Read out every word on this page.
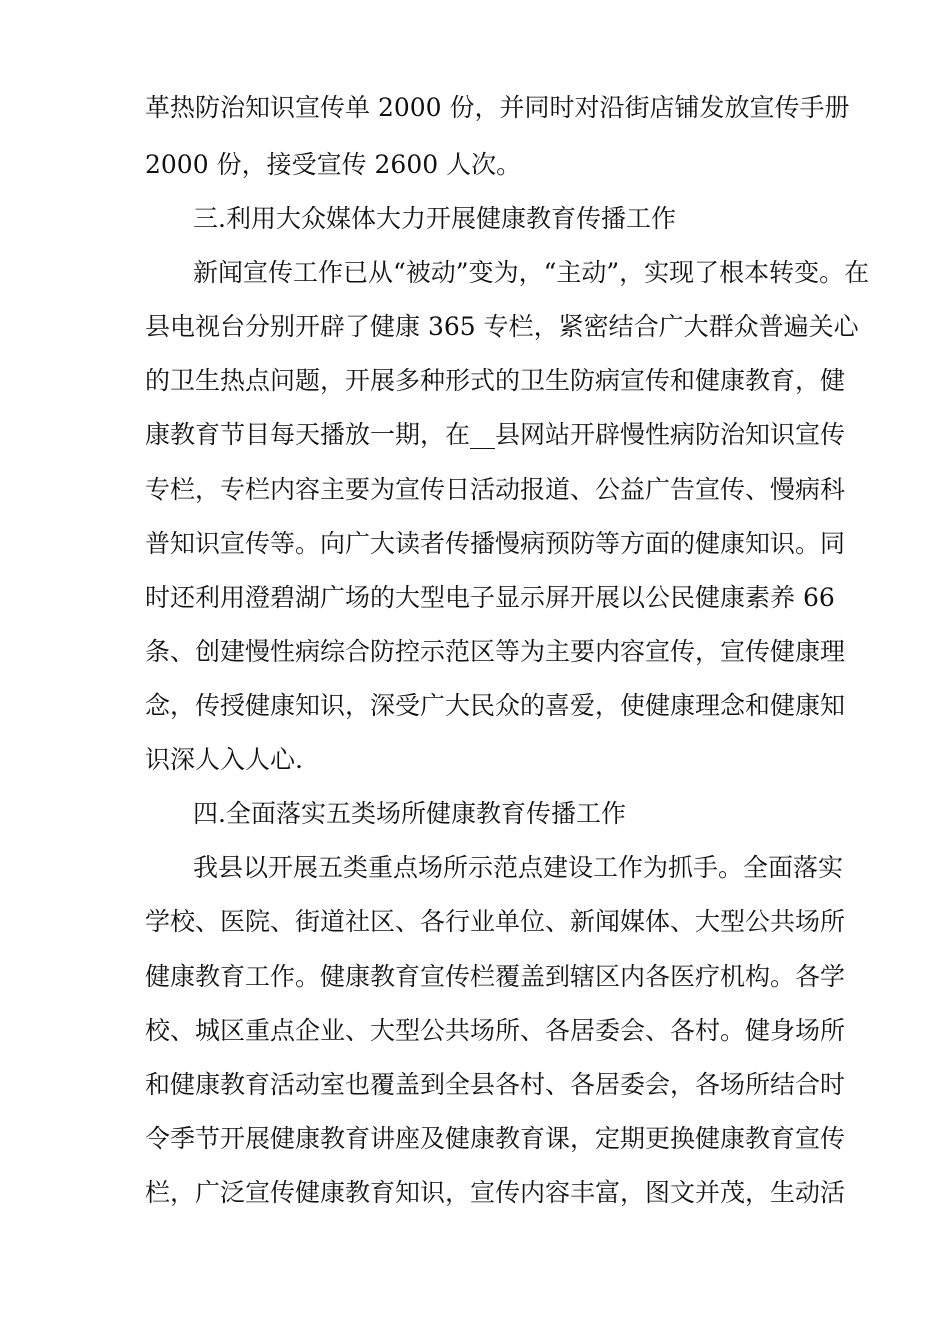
革热防治知识宣传单 2000 份，并同时对沿街店铺发放宣传手册
2000 份，接受宣传 2600 人次。
三.利用大众媒体大力开展健康教育传播工作
新闻宣传工作已从“被动”变为，“主动”，实现了根本转变。在
县电视台分别开辟了健康 365 专栏，紧密结合广大群众普遍关心
的卫生热点问题，开展多种形式的卫生防病宣传和健康教育，健
康教育节目每天播放一期，在__县网站开辟慢性病防治知识宣传
专栏，专栏内容主要为宣传日活动报道、公益广告宣传、慢病科
普知识宣传等。向广大读者传播慢病预防等方面的健康知识。同
时还利用澄碧湖广场的大型电子显示屏开展以公民健康素养 66
条、创建慢性病综合防控示范区等为主要内容宣传，宣传健康理
念，传授健康知识，深受广大民众的喜爱，使健康理念和健康知
识深人入人心.
四.全面落实五类场所健康教育传播工作
我县以开展五类重点场所示范点建设工作为抓手。全面落实
学校、医院、街道社区、各行业单位、新闻媒体、大型公共场所
健康教育工作。健康教育宣传栏覆盖到辖区内各医疗机构。各学
校、城区重点企业、大型公共场所、各居委会、各村。健身场所
和健康教育活动室也覆盖到全县各村、各居委会，各场所结合时
令季节开展健康教育讲座及健康教育课，定期更换健康教育宣传
栏，广泛宣传健康教育知识，宣传内容丰富，图文并茂，生动活
